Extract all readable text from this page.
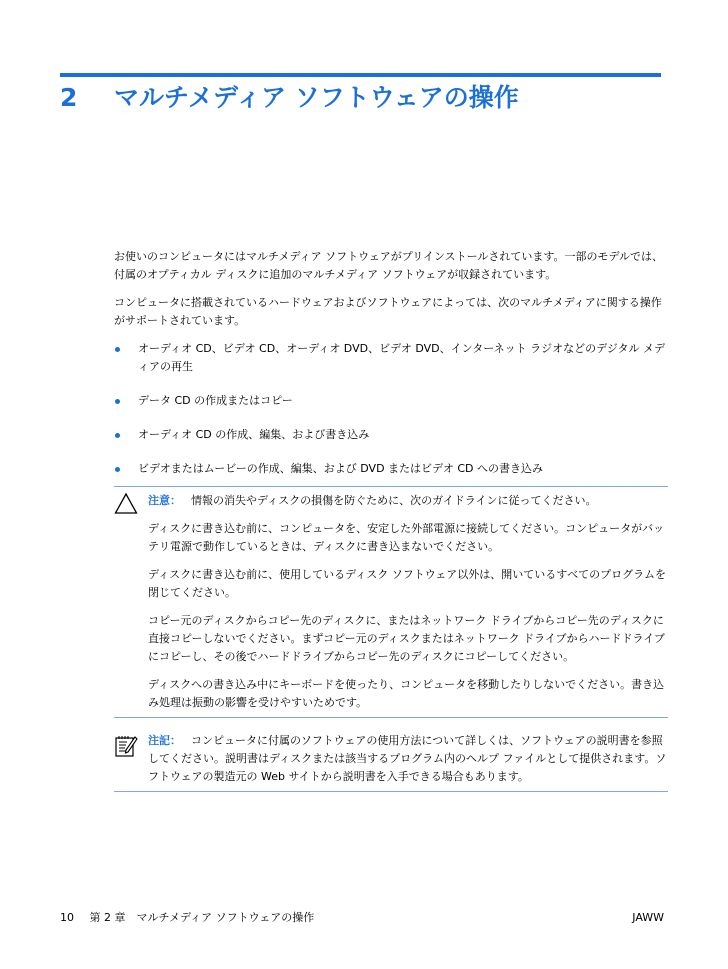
2 マルチメディア ソフトウェアの操作

お使いのコンピュータにはマルチメディア ソフトウェアがプリインストールされています。一部のモデルでは、付属のオプティカル ディスクに追加のマルチメディア ソフトウェアが収録されています。

コンピュータに搭載されているハードウェアおよびソフトウェアによっては、次のマルチメディアに関する操作がサポートされています。

オーディオ CD、ビデオ CD、オーディオ DVD、ビデオ DVD、インターネット ラジオなどのデジタル メディアの再生
データ CD の作成またはコピー
オーディオ CD の作成、編集、および書き込み
ビデオまたはムービーの作成、編集、および DVD またはビデオ CD への書き込み

注意： 情報の消失やディスクの損傷を防ぐために、次のガイドラインに従ってください。

ディスクに書き込む前に、コンピュータを、安定した外部電源に接続してください。コンピュータがバッテリ電源で動作しているときは、ディスクに書き込まないでください。

ディスクに書き込む前に、使用しているディスク ソフトウェア以外は、開いているすべてのプログラムを閉じてください。

コピー元のディスクからコピー先のディスクに、またはネットワーク ドライブからコピー先のディスクに直接コピーしないでください。まずコピー元のディスクまたはネットワーク ドライブからハードドライブにコピーし、その後でハードドライブからコピー先のディスクにコピーしてください。

ディスクへの書き込み中にキーボードを使ったり、コンピュータを移動したりしないでください。書き込み処理は振動の影響を受けやすいためです。

注記： コンピュータに付属のソフトウェアの使用方法について詳しくは、ソフトウェアの説明書を参照してください。説明書はディスクまたは該当するプログラム内のヘルプ ファイルとして提供されます。ソフトウェアの製造元の Web サイトから説明書を入手できる場合もあります。

10 第 2 章　マルチメディア ソフトウェアの操作	JAWW
